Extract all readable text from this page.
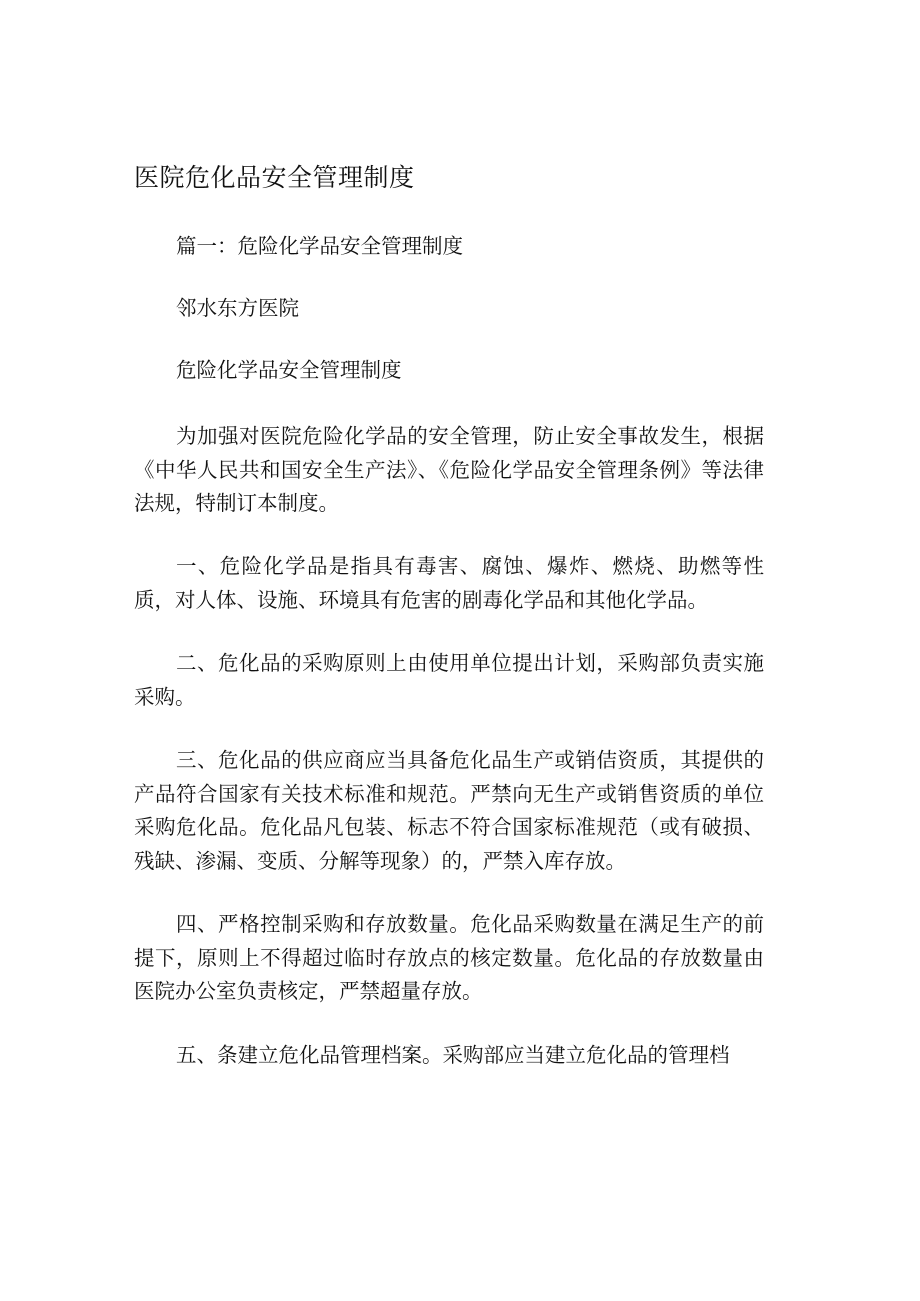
医院危化品安全管理制度
篇一：危险化学品安全管理制度
邻水东方医院
危险化学品安全管理制度

为加强对医院危险化学品的安全管理，防止安全事故发生，根据《中华人民共和国安全生产法》、《危险化学品安全管理条例》等法律法规，特制订本制度。

一、危险化学品是指具有毒害、腐蚀、爆炸、燃烧、助燃等性质，对人体、设施、环境具有危害的剧毒化学品和其他化学品。

二、危化品的采购原则上由使用单位提出计划，采购部负责实施采购。

三、危化品的供应商应当具备危化品生产或销佶资质，其提供的产品符合国家有关技术标准和规范。严禁向无生产或销售资质的单位采购危化品。危化品凡包装、标志不符合国家标准规范（或有破损、残缺、渗漏、变质、分解等现象）的，严禁入库存放。

四、严格控制采购和存放数量。危化品采购数量在满足生产的前提下，原则上不得超过临时存放点的核定数量。危化品的存放数量由医院办公室负责核定，严禁超量存放。

五、条建立危化品管理档案。采购部应当建立危化品的管理档
